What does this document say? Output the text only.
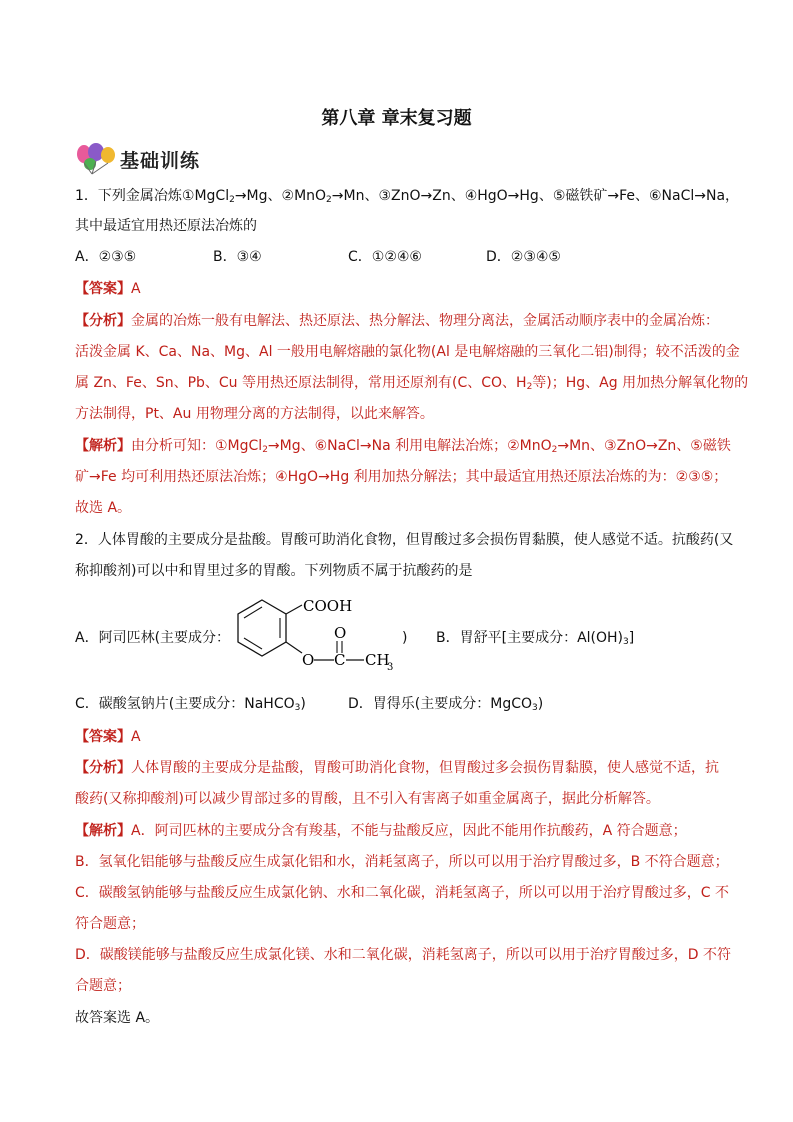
第八章 章末复习题
基础训练
1．下列金属冶炼①MgCl$_2$→Mg、②MnO$_2$→Mn、③ZnO→Zn、④HgO→Hg、⑤磁铁矿→Fe、⑥NaCl→Na，
其中最适宜用热还原法冶炼的
A．②③⑤	B．③④	C．①②④⑥	D．②③④⑤
【答案】A
【分析】金属的冶炼一般有电解法、热还原法、热分解法、物理分离法，金属活动顺序表中的金属冶炼：
活泼金属 K、Ca、Na、Mg、Al 一般用电解熔融的氯化物(Al 是电解熔融的三氧化二铝)制得；较不活泼的金
属 Zn、Fe、Sn、Pb、Cu 等用热还原法制得，常用还原剂有(C、CO、$H_2$等)；Hg、Ag 用加热分解氧化物的
方法制得，Pt、Au 用物理分离的方法制得，以此来解答。
【解析】由分析可知：①MgCl$_2$→Mg、⑥NaCl→Na 利用电解法冶炼；②MnO$_2$→Mn、③ZnO→Zn、⑤磁铁
矿→Fe 均可利用热还原法冶炼；④HgO→Hg 利用加热分解法；其中最适宜用热还原法冶炼的为：②③⑤；
故选 A。
2．人体胃酸的主要成分是盐酸。胃酸可助消化食物，但胃酸过多会损伤胃黏膜，使人感觉不适。抗酸药(又
称抑酸剂)可以中和胃里过多的胃酸。下列物质不属于抗酸药的是
A．阿司匹林(主要成分：
COOH
O C
O
CH
3
) B．胃舒平[主要成分：$Al(OH)_3$]
C．碳酸氢钠片(主要成分：NaHCO$_3$)	D．胃得乐(主要成分：MgCO$_3$)
【答案】A
【分析】人体胃酸的主要成分是盐酸，胃酸可助消化食物，但胃酸过多会损伤胃黏膜，使人感觉不适，抗
酸药(又称抑酸剂)可以减少胃部过多的胃酸，且不引入有害离子如重金属离子，据此分析解答。
【解析】A．阿司匹林的主要成分含有羧基，不能与盐酸反应，因此不能用作抗酸药，A 符合题意；
B．氢氧化铝能够与盐酸反应生成氯化铝和水，消耗氢离子，所以可以用于治疗胃酸过多，B 不符合题意；
C．碳酸氢钠能够与盐酸反应生成氯化钠、水和二氧化碳，消耗氢离子，所以可以用于治疗胃酸过多，C 不
符合题意；
D．碳酸镁能够与盐酸反应生成氯化镁、水和二氧化碳，消耗氢离子，所以可以用于治疗胃酸过多，D 不符
合题意；
故答案选 A。
